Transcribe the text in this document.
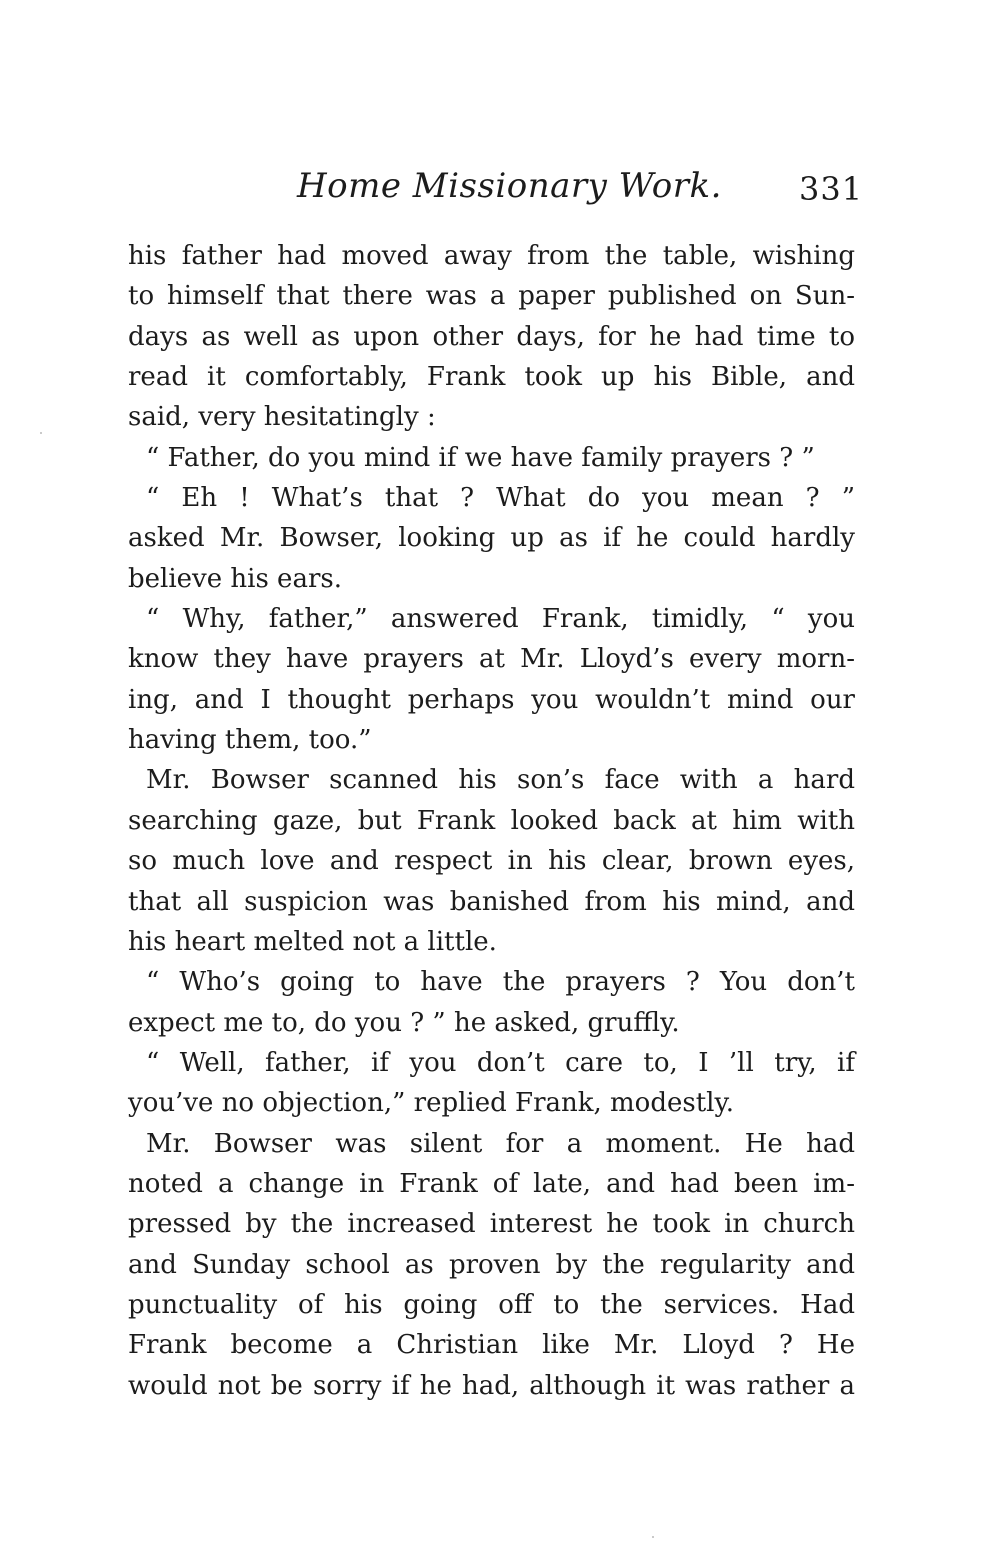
Home Missionary Work. 331
his father had moved away from the table, wishing
to himself that there was a paper published on Sun-
days as well as upon other days, for he had time to
read it comfortably, Frank took up his Bible, and
said, very hesitatingly :
“ Father, do you mind if we have family prayers ? ”
“ Eh ! What’s that ? What do you mean ? ”
asked Mr. Bowser, looking up as if he could hardly
believe his ears.
“ Why, father,” answered Frank, timidly, “ you
know they have prayers at Mr. Lloyd’s every morn-
ing, and I thought perhaps you wouldn’t mind our
having them, too.”
Mr. Bowser scanned his son’s face with a hard
searching gaze, but Frank looked back at him with
so much love and respect in his clear, brown eyes,
that all suspicion was banished from his mind, and
his heart melted not a little.
“ Who’s going to have the prayers ? You don’t
expect me to, do you ? ” he asked, gruffly.
“ Well, father, if you don’t care to, I ’ll try, if
you’ve no objection,” replied Frank, modestly.
Mr. Bowser was silent for a moment. He had
noted a change in Frank of late, and had been im-
pressed by the increased interest he took in church
and Sunday school as proven by the regularity and
punctuality of his going off to the services. Had
Frank become a Christian like Mr. Lloyd ? He
would not be sorry if he had, although it was rather a
